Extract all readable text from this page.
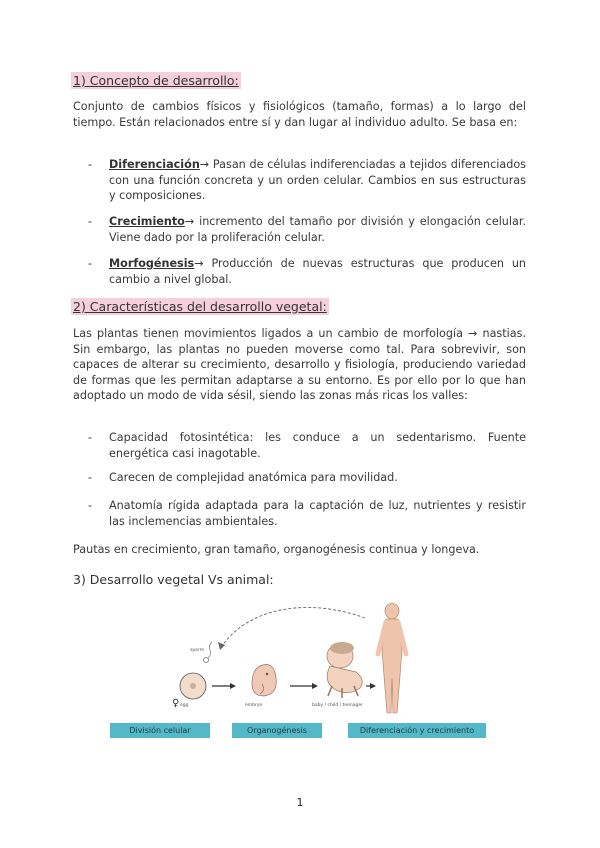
1) Concepto de desarrollo:
Conjunto de cambios físicos y fisiológicos (tamaño, formas) a lo largo del tiempo. Están relacionados entre sí y dan lugar al individuo adulto. Se basa en:
- Diferenciación→ Pasan de células indiferenciadas a tejidos diferenciados con una función concreta y un orden celular. Cambios en sus estructuras y composiciones.
- Crecimiento→ incremento del tamaño por división y elongación celular. Viene dado por la proliferación celular.
- Morfogénesis→ Producción de nuevas estructuras que producen un cambio a nivel global.
2) Características del desarrollo vegetal:
Las plantas tienen movimientos ligados a un cambio de morfología → nastias. Sin embargo, las plantas no pueden moverse como tal. Para sobrevivir, son capaces de alterar su crecimiento, desarrollo y fisiología, produciendo variedad de formas que les permitan adaptarse a su entorno. Es por ello por lo que han adoptado un modo de vida sésil, siendo las zonas más ricas los valles:
- Capacidad fotosintética: les conduce a un sedentarismo. Fuente energética casi inagotable.
- Carecen de complejidad anatómica para movilidad.
- Anatomía rígida adaptada para la captación de luz, nutrientes y resistir las inclemencias ambientales.
Pautas en crecimiento, gran tamaño, organogénesis continua y longeva.
3) Desarrollo vegetal Vs animal:
sperm
egg
♀	embryo	baby / child / teenager
División celular	Organogénesis	Diferenciación y crecimiento
1
